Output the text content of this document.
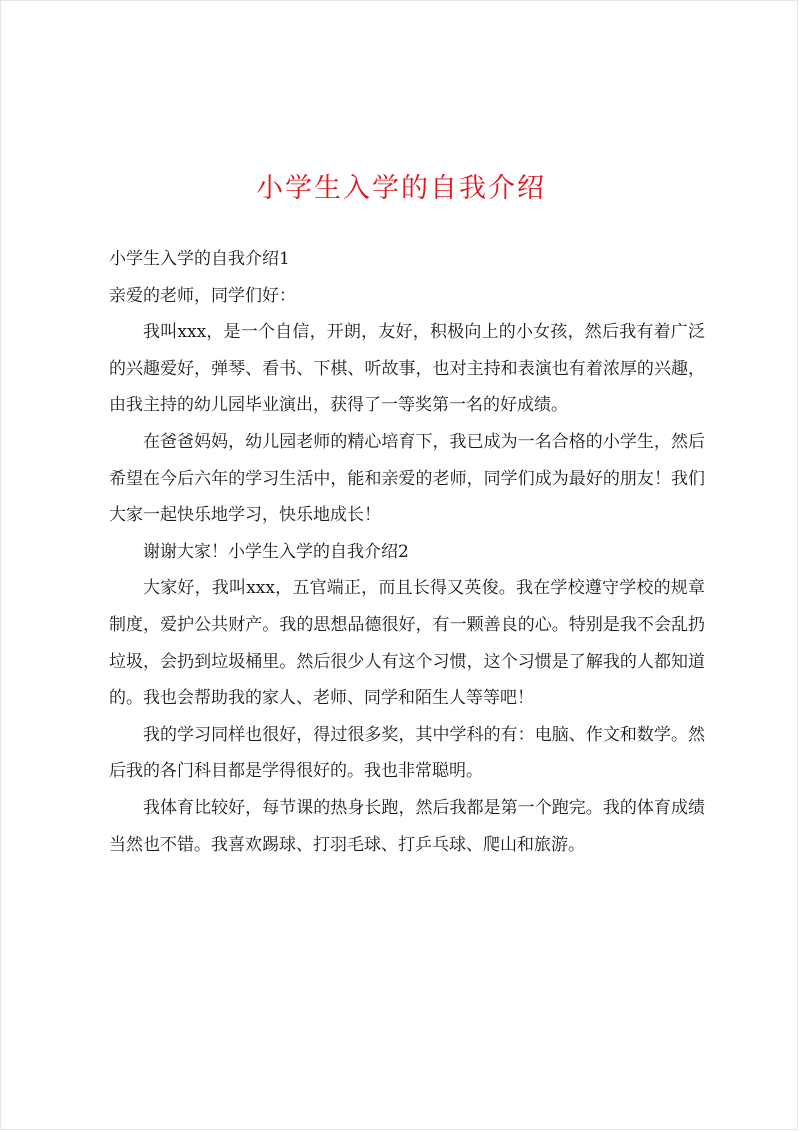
小学生入学的自我介绍

小学生入学的自我介绍1

亲爱的老师，同学们好：

我叫xxx，是一个自信，开朗，友好，积极向上的小女孩，然后我有着广泛的兴趣爱好，弹琴、看书、下棋、听故事，也对主持和表演也有着浓厚的兴趣，由我主持的幼儿园毕业演出，获得了一等奖第一名的好成绩。

在爸爸妈妈，幼儿园老师的精心培育下，我已成为一名合格的小学生，然后希望在今后六年的学习生活中，能和亲爱的老师，同学们成为最好的朋友！我们大家一起快乐地学习，快乐地成长！

谢谢大家！小学生入学的自我介绍2

大家好，我叫xxx，五官端正，而且长得又英俊。我在学校遵守学校的规章制度，爱护公共财产。我的思想品德很好，有一颗善良的心。特别是我不会乱扔垃圾，会扔到垃圾桶里。然后很少人有这个习惯，这个习惯是了解我的人都知道的。我也会帮助我的家人、老师、同学和陌生人等等吧！

我的学习同样也很好，得过很多奖，其中学科的有：电脑、作文和数学。然后我的各门科目都是学得很好的。我也非常聪明。

我体育比较好，每节课的热身长跑，然后我都是第一个跑完。我的体育成绩当然也不错。我喜欢踢球、打羽毛球、打乒乓球、爬山和旅游。
